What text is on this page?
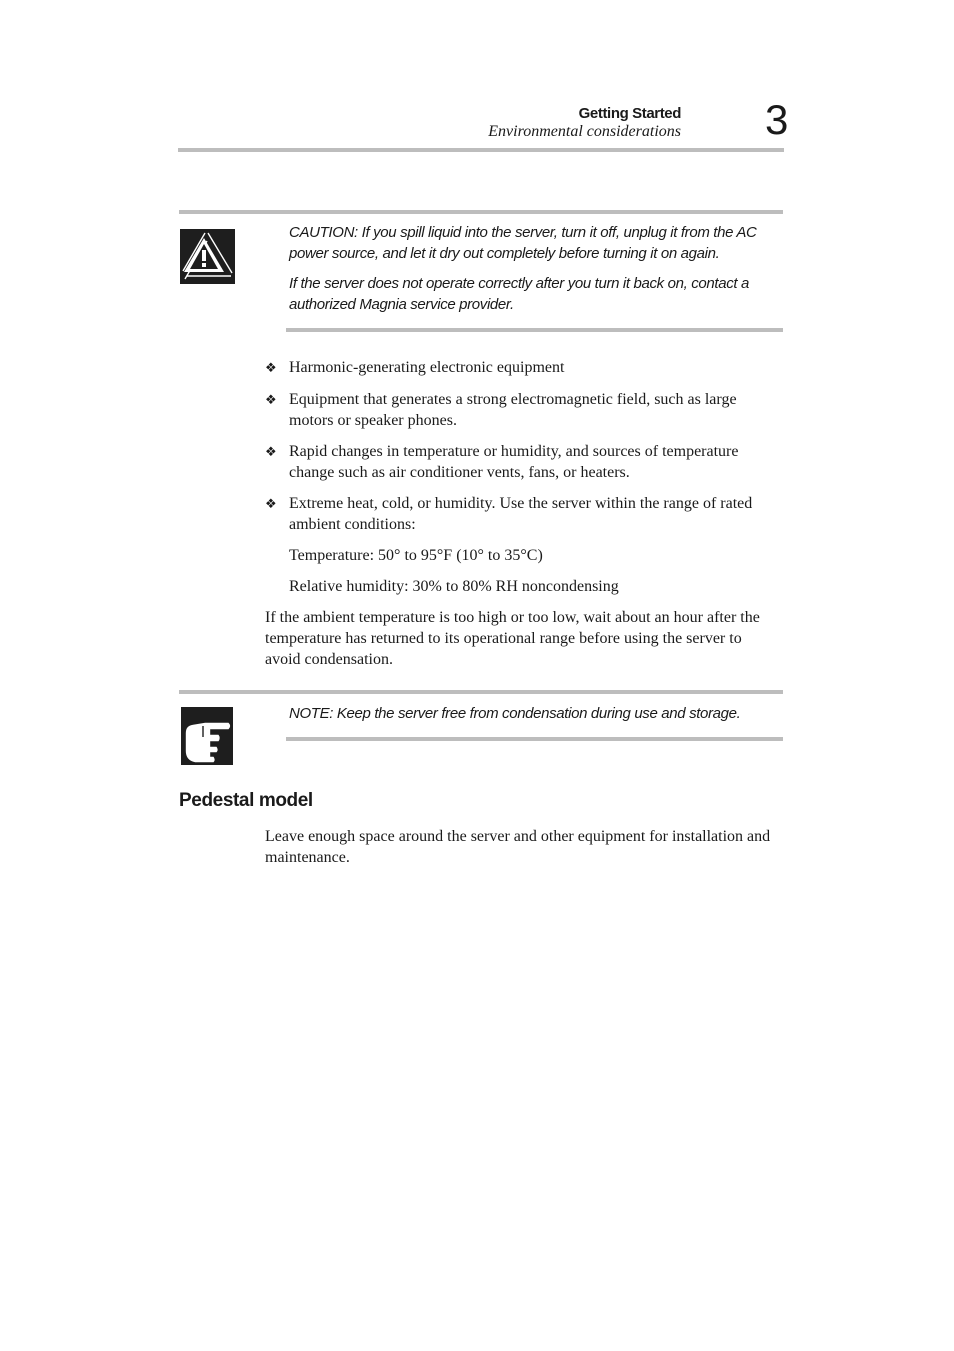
Getting Started
Environmental considerations 3

CAUTION: If you spill liquid into the server, turn it off, unplug it from the AC power source, and let it dry out completely before turning it on again.

If the server does not operate correctly after you turn it back on, contact a authorized Magnia service provider.

❖ Harmonic-generating electronic equipment

❖ Equipment that generates a strong electromagnetic field, such as large motors or speaker phones.

❖ Rapid changes in temperature or humidity, and sources of temperature change such as air conditioner vents, fans, or heaters.

❖ Extreme heat, cold, or humidity. Use the server within the range of rated ambient conditions:

Temperature: 50° to 95°F (10° to 35°C)

Relative humidity: 30% to 80% RH noncondensing

If the ambient temperature is too high or too low, wait about an hour after the temperature has returned to its operational range before using the server to avoid condensation.

NOTE: Keep the server free from condensation during use and storage.

Pedestal model

Leave enough space around the server and other equipment for installation and maintenance.
